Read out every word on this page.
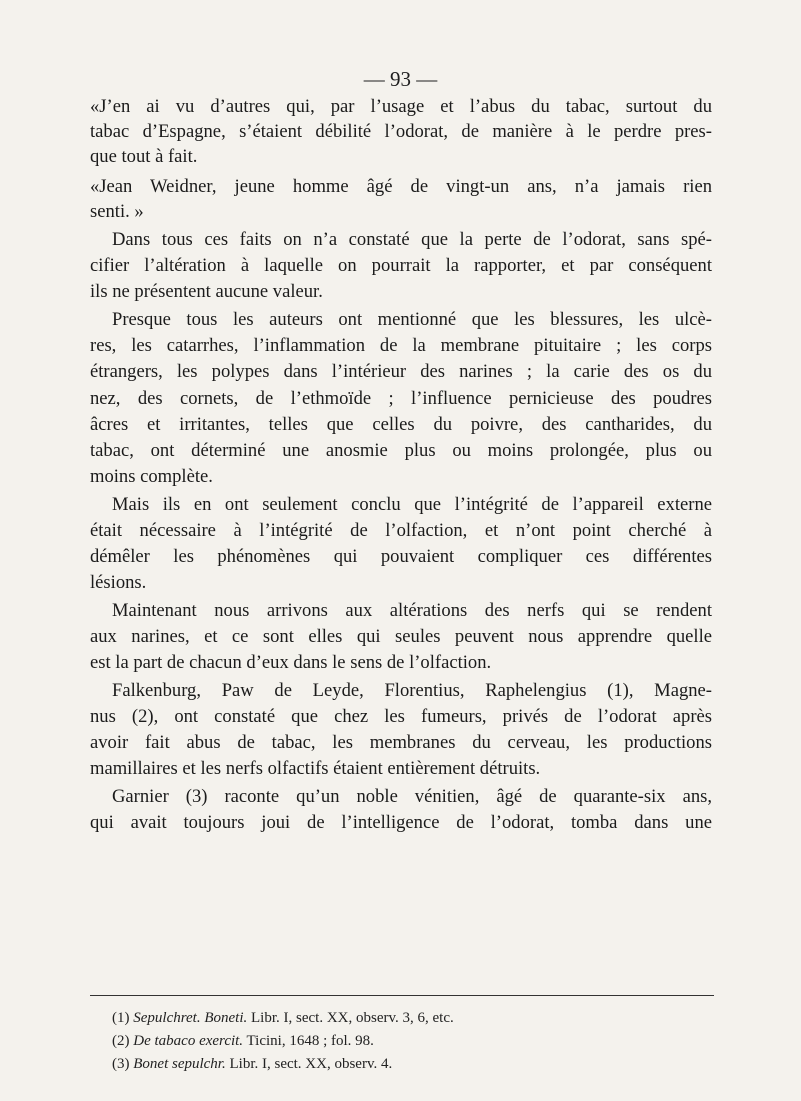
— 93 —
«J’en ai vu d’autres qui, par l’usage et l’abus du tabac, surtout du
tabac d’Espagne, s’étaient débilité l’odorat, de manière à le perdre pres-
que tout à fait.
«Jean Weidner, jeune homme âgé de vingt-un ans, n’a jamais rien
senti. »
Dans tous ces faits on n’a constaté que la perte de l’odorat, sans spé-
cifier l’altération à laquelle on pourrait la rapporter, et par conséquent
ils ne présentent aucune valeur.
Presque tous les auteurs ont mentionné que les blessures, les ulcè-
res, les catarrhes, l’inflammation de la membrane pituitaire ; les corps
étrangers, les polypes dans l’intérieur des narines ; la carie des os du
nez, des cornets, de l’ethmoïde ; l’influence pernicieuse des poudres
âcres et irritantes, telles que celles du poivre, des cantharides, du
tabac, ont déterminé une anosmie plus ou moins prolongée, plus ou
moins complète.
Mais ils en ont seulement conclu que l’intégrité de l’appareil externe
était nécessaire à l’intégrité de l’olfaction, et n’ont point cherché à
démêler les phénomènes qui pouvaient compliquer ces différentes
lésions.
Maintenant nous arrivons aux altérations des nerfs qui se rendent
aux narines, et ce sont elles qui seules peuvent nous apprendre quelle
est la part de chacun d’eux dans le sens de l’olfaction.
Falkenburg, Paw de Leyde, Florentius, Raphelengius (1), Magne-
nus (2), ont constaté que chez les fumeurs, privés de l’odorat après
avoir fait abus de tabac, les membranes du cerveau, les productions
mamillaires et les nerfs olfactifs étaient entièrement détruits.
Garnier (3) raconte qu’un noble vénitien, âgé de quarante-six ans,
qui avait toujours joui de l’intelligence de l’odorat, tomba dans une
(1) Sepulchret. Boneti. Libr. I, sect. XX, observ. 3, 6, etc.
(2) De tabaco exercit. Ticini, 1648 ; fol. 98.
(3) Bonet sepulchr. Libr. I, sect. XX, observ. 4.
